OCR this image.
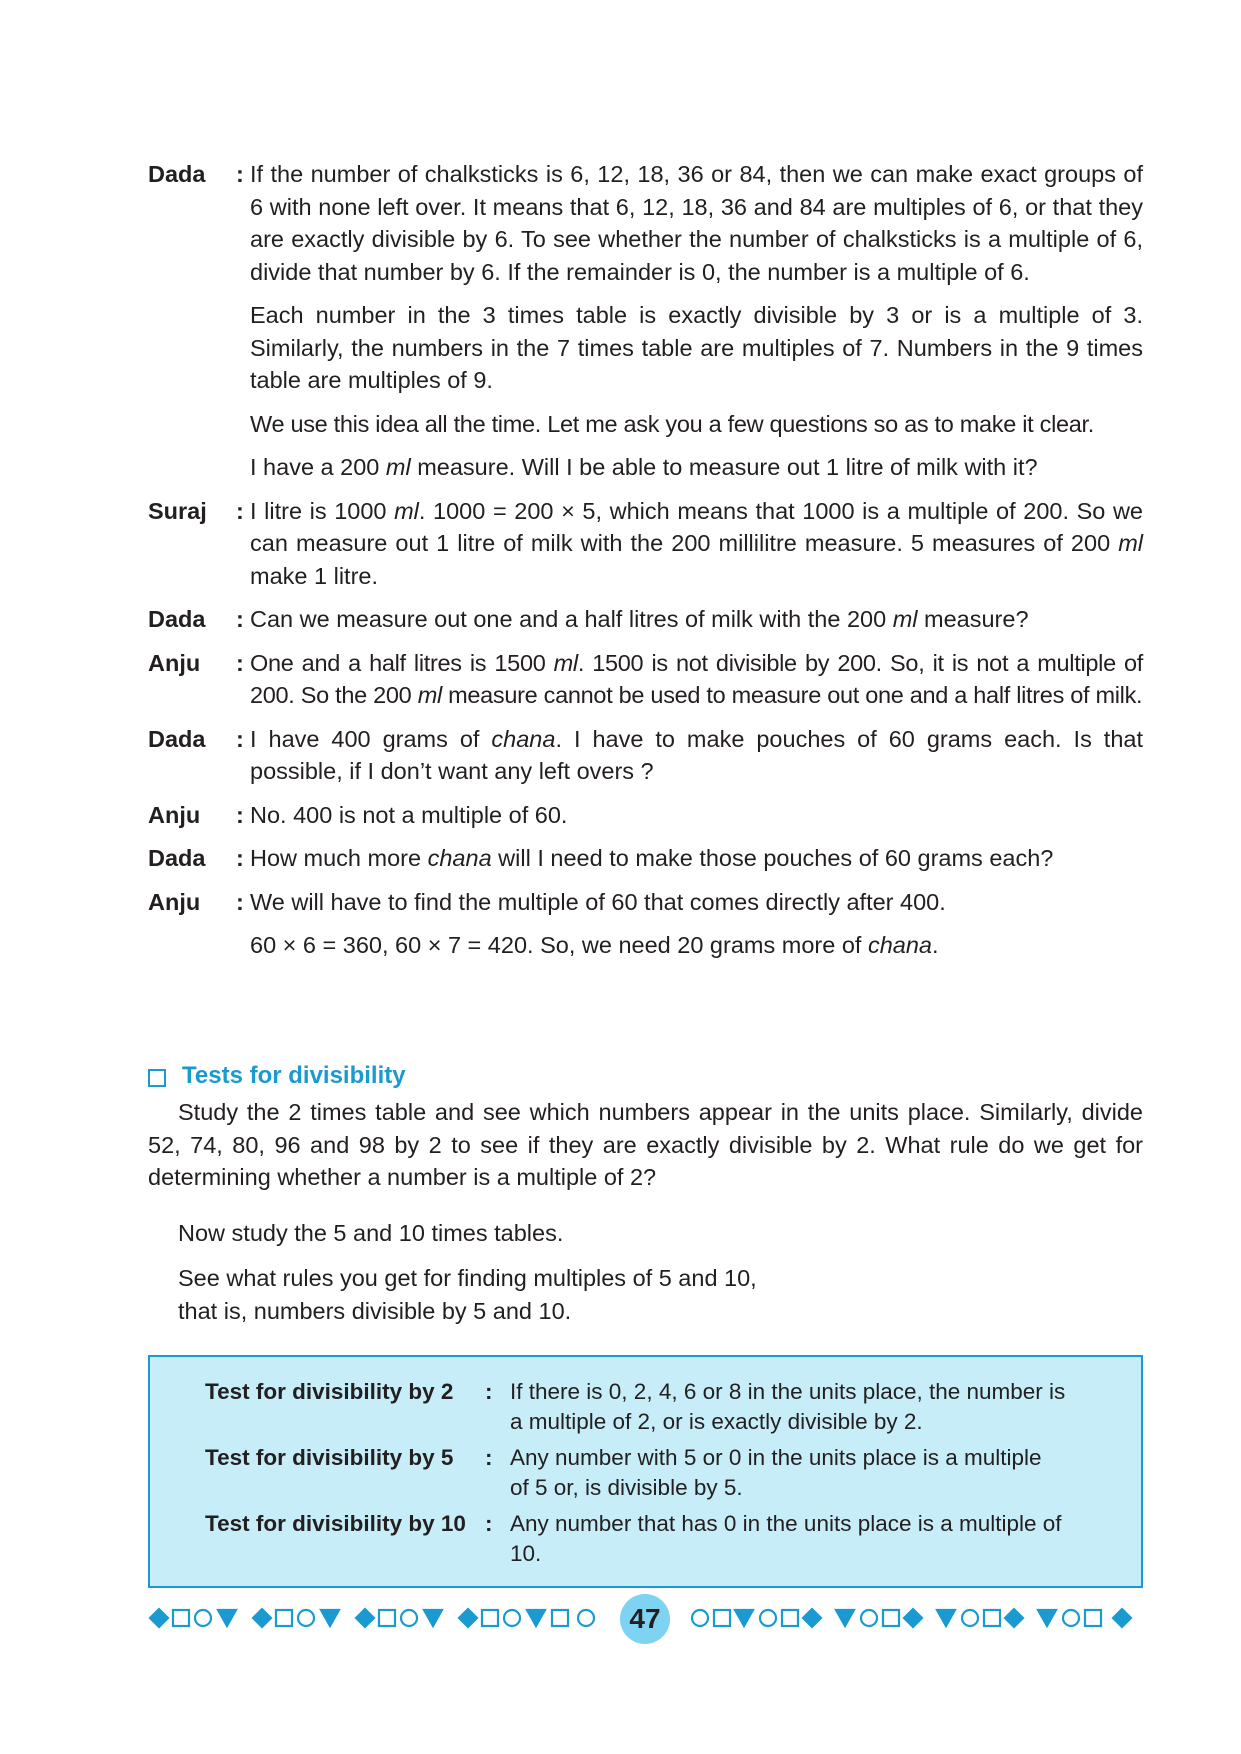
Dada	: If the number of chalksticks is 6, 12, 18, 36 or 84, then we can make exact groups of 6 with none left over. It means that 6, 12, 18, 36 and 84 are multiples of 6, or that they are exactly divisible by 6. To see whether the number of chalksticks is a multiple of 6, divide that number by 6. If the remainder is 0, the number is a multiple of 6.

Each number in the 3 times table is exactly divisible by 3 or is a multiple of 3. Similarly, the numbers in the 7 times table are multiples of 7. Numbers in the 9 times table are multiples of 9.

We use this idea all the time. Let me ask you a few questions so as to make it clear.

I have a 200 ml measure. Will I be able to measure out 1 litre of milk with it?

Suraj	: I litre is 1000 ml. 1000 = 200 × 5, which means that 1000 is a multiple of 200. So we can measure out 1 litre of milk with the 200 millilitre measure. 5 measures of 200 ml make 1 litre.

Dada	: Can we measure out one and a half litres of milk with the 200 ml measure?

Anju	: One and a half litres is 1500 ml. 1500 is not divisible by 200. So, it is not a multiple of 200. So the 200 ml measure cannot be used to measure out one and a half litres of milk.

Dada	: I have 400 grams of chana. I have to make pouches of 60 grams each. Is that possible, if I don’t want any left overs ?

Anju	: No. 400 is not a multiple of 60.

Dada	: How much more chana will I need to make those pouches of 60 grams each?

Anju	: We will have to find the multiple of 60 that comes directly after 400.

60 × 6 = 360, 60 × 7 = 420. So, we need 20 grams more of chana.

Tests for divisibility

Study the 2 times table and see which numbers appear in the units place. Similarly, divide 52, 74, 80, 96 and 98 by 2 to see if they are exactly divisible by 2. What rule do we get for determining whether a number is a multiple of 2?

Now study the 5 and 10 times tables.

See what rules you get for finding multiples of 5 and 10,
that is, numbers divisible by 5 and 10.

Test for divisibility by 2	: If there is 0, 2, 4, 6 or 8 in the units place, the number is
a multiple of 2, or is exactly divisible by 2.
Test for divisibility by 5	: Any number with 5 or 0 in the units place is a multiple
of 5 or, is divisible by 5.
Test for divisibility by 10 : Any number that has 0 in the units place is a multiple of
10.
47
